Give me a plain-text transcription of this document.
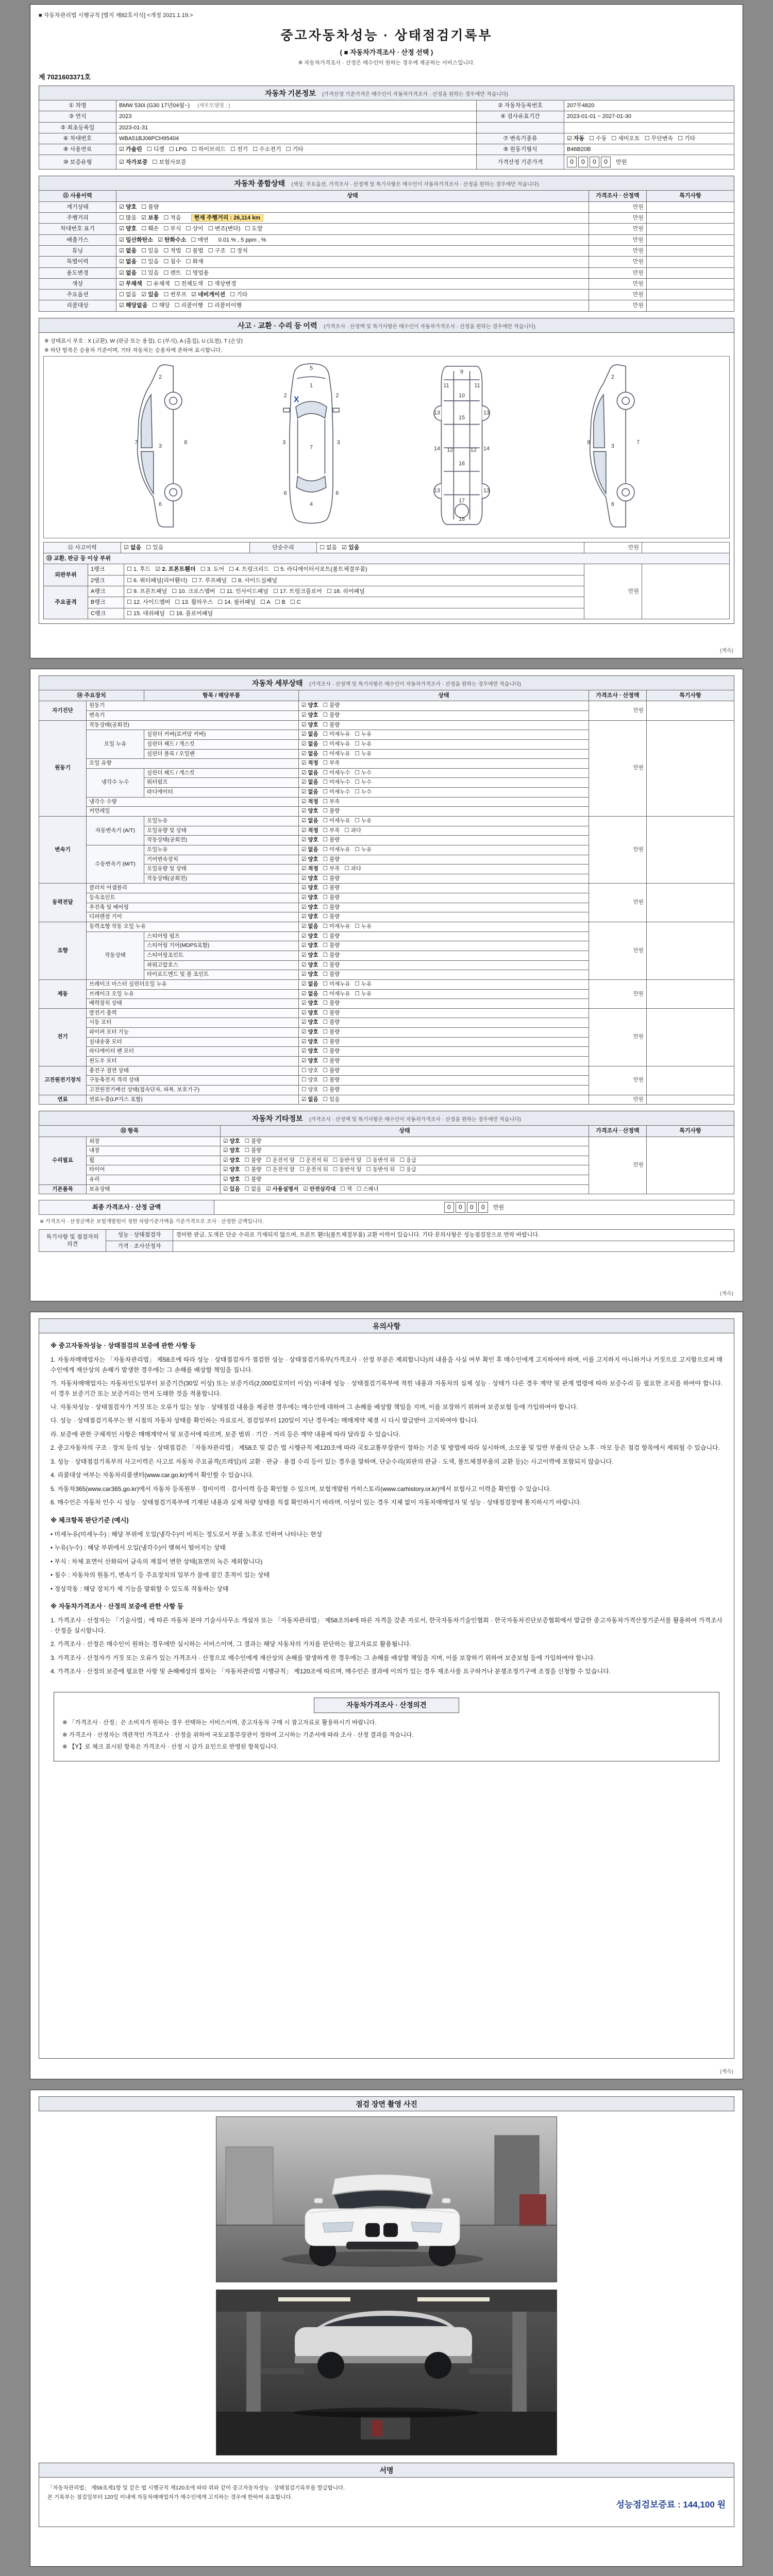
■ 자동차관리법 시행규칙 [별지 제82호서식] <개정 2021.1.19.>
중고자동차성능 · 상태점검기록부
( ■ 자동차가격조사 · 산정 선택 )
※ 자동차가격조사 · 산정은 매수인이 원하는 경우에 제공하는 서비스입니다.
제 7021603371호
자동차 기본정보 (가격산정 기준가격은 매수인이 자동차가격조사 · 산정을 원하는 경우에만 적습니다)
① 차명	BMW 530i (G30 17년04월~) (세부모델명 : )	② 자동차등록번호	207무4820
③ 연식	2023	④ 검사유효기간	2023-01-01 ~ 2027-01-30
⑤ 최초등록일	2023-01-31		
⑥ 차대번호	WBA51BJ06PCH95404	⑦ 변속기종류	☑ 자동 ☐ 수동 ☐ 세미오토 ☐ 무단변속 ☐ 기타
⑧ 사용연료	☑ 가솔린 ☐ 디젤 ☐ LPG ☐ 하이브리드 ☐ 전기 ☐ 수소전기 ☐ 기타	⑨ 원동기형식	B46B20B
⑩ 보증유형	☑ 자가보증 ☐ 보험사보증	가격산정 기준가격	0 0 0 0 만원
자동차 종합상태 (색상, 주요옵션, 가격조사 · 산정액 및 특기사항은 매수인이 자동차가격조사 · 산정을 원하는 경우에만 적습니다)
⑪ 사용이력	상태	가격조사 · 산정액	특기사항
계기상태	☑ 양호 ☐ 불량	만원	
주행거리	☐ 많음 ☑ 보통 ☐ 적음 현재 주행거리 : 26,114 km	만원	
차대번호 표기	☑ 양호 ☐ 훼손 ☐ 부식 ☐ 상이 ☐ 변조(변타) ☐ 도말	만원	
배출가스	☑ 일산화탄소 ☑ 탄화수소 ☐ 매연 0.01 % , 5 ppm , %	만원	
튜닝	☑ 없음 ☐ 있음 ☐ 적법 ☐ 불법 ☐ 구조 ☐ 장치	만원	
특별이력	☑ 없음 ☐ 있음 ☐ 침수 ☐ 화재	만원	
용도변경	☑ 없음 ☐ 있음 ☐ 렌트 ☐ 영업용	만원	
색상	☑ 무채색 ☐ 유채색 ☐ 전체도색 ☐ 색상변경	만원	
주요옵션	☐ 없음 ☑ 있음 ☐ 썬루프 ☑ 네비게이션 ☐ 기타	만원	
리콜대상	☑ 해당없음 ☐ 해당 ☐ 리콜이행 ☐ 리콜미이행	만원	
사고 · 교환 · 수리 등 이력 (가격조사 · 산정액 및 특기사항은 매수인이 자동차가격조사 · 산정을 원하는 경우에만 적습니다)
※ 상태표시 부호 : X (교환), W (판금 또는 용접), C (부식), A (흠집), U (요철), T (손상)
※ 하단 항목은 승용차 기준이며, 기타 자동차는 승용차에 준하여 표시합니다.
2
7
3
8
6
5
1
2	2
3	3
7
6	6
4
X
9
11	11
10
13	13
15
14	14
12	12
16
13	13
17
18
2
8
3
7
6
⑫ 사고이력	☑ 없음 ☐ 있음	단순수리	☐ 없음 ☑ 있음	만원	
⑬ 교환, 판금 등 이상 부위				
외판부위	1랭크	☐ 1. 후드 ☑ 2. 프론트휀더 ☐ 3. 도어 ☐ 4. 트렁크리드 ☐ 5. 라디에이터서포트(볼트체결부품)	만원	
	2랭크	☐ 6. 쿼터패널(리어휀더) ☐ 7. 루프패널 ☐ 8. 사이드실패널		
주요골격	A랭크	☐ 9. 프론트패널 ☐ 10. 크로스멤버 ☐ 11. 인사이드패널 ☐ 17. 트렁크플로어 ☐ 18. 리어패널		
	B랭크	☐ 12. 사이드멤버 ☐ 13. 휠하우스 ☐ 14. 필러패널 ☐ A ☐ B ☐ C		
	C랭크	☐ 15. 대쉬패널 ☐ 16. 플로어패널		
(계속)
자동차 세부상태 (가격조사 · 산정액 및 특기사항은 매수인이 자동차가격조사 · 산정을 원하는 경우에만 적습니다)
⑭ 주요장치		항목 / 해당부품	상태	가격조사 · 산정액	특기사항
자기진단	원동기		☑ 양호 ☐ 불량	만원	
	변속기		☑ 양호 ☐ 불량		
원동기	작동상태(공회전)		☑ 양호 ☐ 불량	만원	
	오일 누유	실린더 커버(로커암 커버)	☑ 없음 ☐ 미세누유 ☐ 누유		
		실린더 헤드 / 개스킷	☑ 없음 ☐ 미세누유 ☐ 누유		
		실린더 블록 / 오일팬	☑ 없음 ☐ 미세누유 ☐ 누유		
	오일 유량		☑ 적정 ☐ 부족		
	냉각수 누수	실린더 헤드 / 개스킷	☑ 없음 ☐ 미세누수 ☐ 누수		
		워터펌프	☑ 없음 ☐ 미세누수 ☐ 누수		
		라디에이터	☑ 없음 ☐ 미세누수 ☐ 누수		
	냉각수 수량		☑ 적정 ☐ 부족		
	커먼레일		☑ 양호 ☐ 불량		
변속기	자동변속기 (A/T)	오일누유	☑ 없음 ☐ 미세누유 ☐ 누유	만원	
		오일유량 및 상태	☑ 적정 ☐ 부족 ☐ 과다		
		작동상태(공회전)	☑ 양호 ☐ 불량		
	수동변속기 (M/T)	오일누유	☑ 없음 ☐ 미세누유 ☐ 누유		
		기어변속장치	☑ 양호 ☐ 불량		
		오일유량 및 상태	☑ 적정 ☐ 부족 ☐ 과다		
		작동상태(공회전)	☑ 양호 ☐ 불량		
동력전달	클러치 어셈블리		☑ 양호 ☐ 불량	만원	
	등속조인트		☑ 양호 ☐ 불량		
	추진축 및 베어링		☑ 양호 ☐ 불량		
	디퍼렌셜 기어		☑ 양호 ☐ 불량		
조향	동력조향 작동 오일 누유		☑ 없음 ☐ 미세누유 ☐ 누유	만원	
	작동상태	스티어링 펌프	☑ 양호 ☐ 불량		
		스티어링 기어(MDPS포함)	☑ 양호 ☐ 불량		
		스티어링조인트	☑ 양호 ☐ 불량		
		파워고압호스	☑ 양호 ☐ 불량		
		타이로드엔드 및 볼 조인트	☑ 양호 ☐ 불량		
제동	브레이크 마스터 실린더오일 누유		☑ 없음 ☐ 미세누유 ☐ 누유	만원	
	브레이크 오일 누유		☑ 없음 ☐ 미세누유 ☐ 누유		
	배력장치 상태		☑ 양호 ☐ 불량		
전기	발전기 출력		☑ 양호 ☐ 불량	만원	
	시동 모터		☑ 양호 ☐ 불량		
	와이퍼 모터 기능		☑ 양호 ☐ 불량		
	실내송풍 모터		☑ 양호 ☐ 불량		
	라디에이터 팬 모터		☑ 양호 ☐ 불량		
	윈도우 모터		☑ 양호 ☐ 불량		
고전원전기장치	충전구 절연 상태		☐ 양호 ☐ 불량	만원	
	구동축전지 격리 상태		☐ 양호 ☐ 불량		
	고전원전기배선 상태(접속단자, 피복, 보호기구)		☐ 양호 ☐ 불량		
연료	연료누출(LP가스 포함)		☑ 없음 ☐ 있음	만원	
자동차 기타정보 (가격조사 · 산정액 및 특기사항은 매수인이 자동차가격조사 · 산정을 원하는 경우에만 적습니다)
⑮ 항목		상태	가격조사 · 산정액	특기사항
수리필요	외장	☑ 양호 ☐ 불량	만원	
	내장	☑ 양호 ☐ 불량		
	휠	☑ 양호 ☐ 불량 ☐ 운전석 앞 ☐ 운전석 뒤 ☐ 동반석 앞 ☐ 동반석 뒤 ☐ 응급		
	타이어	☑ 양호 ☐ 불량 ☐ 운전석 앞 ☐ 운전석 뒤 ☐ 동반석 앞 ☐ 동반석 뒤 ☐ 응급		
	유리	☑ 양호 ☐ 불량		
기본품목	보유상태	☑ 있음 ☐ 없음 ☑ 사용설명서 ☑ 안전삼각대 ☐ 잭 ☐ 스패너		
최종 가격조사 · 산정 금액	0 0 0 0 만원
※ 가격조사 · 산정금액은 보험개발원이 정한 차량기준가액을 기준가격으로 조사 · 산정한 금액입니다.
특기사항 및 점검자의 의견	성능 · 상태점검자	경미한 판금, 도색은 단순 수리로 기재되지 않으며, 프론트 휀더(볼트체결부품) 교환 이력이 있습니다. 기타 문의사항은 성능점검장으로 연락 바랍니다.
	가격 · 조사산정자	
(계속)
유의사항
※ 중고자동차성능 · 상태점검의 보증에 관한 사항 등

1. 자동차매매업자는 「자동차관리법」 제58조에 따라 성능 · 상태점검자가 점검한 성능 · 상태점검기록부(가격조사 · 산정 부분은 제외합니다)의 내용을 사실 여부 확인 후 매수인에게 고지하여야 하며, 이를 고지하지 아니하거나 거짓으로 고지함으로써 매수인에게 재산상의 손해가 발생한 경우에는 그 손해를 배상할 책임을 집니다.

가. 자동차매매업자는 자동차인도일부터 보증기간(30일 이상) 또는 보증거리(2,000킬로미터 이상) 이내에 성능 · 상태점검기록부에 적힌 내용과 자동차의 실제 성능 · 상태가 다른 경우 계약 및 관계 법령에 따라 보증수리 등 필요한 조치를 하여야 합니다. 이 경우 보증기간 또는 보증거리는 먼저 도래한 것을 적용합니다.

나. 자동차성능 · 상태점검자가 거짓 또는 오류가 있는 성능 · 상태점검 내용을 제공한 경우에는 매수인에 대하여 그 손해를 배상할 책임을 지며, 이를 보장하기 위하여 보증보험 등에 가입하여야 합니다.

다. 성능 · 상태점검기록부는 현 시점의 자동차 상태를 확인하는 자료로서, 점검일부터 120일이 지난 경우에는 매매계약 체결 시 다시 발급받아 고지하여야 합니다.

라. 보증에 관한 구체적인 사항은 매매계약서 및 보증서에 따르며, 보증 범위 · 기간 · 거리 등은 계약 내용에 따라 달라질 수 있습니다.

2. 중고자동차의 구조 · 장치 등의 성능 · 상태점검은 「자동차관리법」 제58조 및 같은 법 시행규칙 제120조에 따라 국토교통부장관이 정하는 기준 및 방법에 따라 실시하며, 소모품 및 일반 부품의 단순 노후 · 마모 등은 점검 항목에서 제외될 수 있습니다.

3. 성능 · 상태점검기록부의 사고이력은 사고로 자동차 주요골격(프레임)의 교환 · 판금 · 용접 수리 등이 있는 경우를 말하며, 단순수리(외판의 판금 · 도색, 볼트체결부품의 교환 등)는 사고이력에 포함되지 않습니다.

4. 리콜대상 여부는 자동차리콜센터(www.car.go.kr)에서 확인할 수 있습니다.

5. 자동차365(www.car365.go.kr)에서 자동차 등록원부 · 정비이력 · 검사이력 등을 확인할 수 있으며, 보험개발원 카히스토리(www.carhistory.or.kr)에서 보험사고 이력을 확인할 수 있습니다.

6. 매수인은 자동차 인수 시 성능 · 상태점검기록부에 기재된 내용과 실제 차량 상태를 직접 확인하시기 바라며, 이상이 있는 경우 지체 없이 자동차매매업자 및 성능 · 상태점검장에 통지하시기 바랍니다.

※ 체크항목 판단기준 (예시)

• 미세누유(미세누수) : 해당 부위에 오일(냉각수)이 비치는 정도로서 부품 노후로 인하여 나타나는 현상

• 누유(누수) : 해당 부위에서 오일(냉각수)이 맺혀서 떨어지는 상태

• 부식 : 차체 표면이 산화되어 금속의 재질이 변한 상태(표면의 녹은 제외합니다)

• 침수 : 자동차의 원동기, 변속기 등 주요장치의 일부가 물에 잠긴 흔적이 있는 상태

• 정상작동 : 해당 장치가 제 기능을 발휘할 수 있도록 작동하는 상태

※ 자동차가격조사 · 산정의 보증에 관한 사항 등

1. 가격조사 · 산정자는 「기술사법」에 따른 자동차 분야 기술사사무소 개설자 또는 「자동차관리법」 제58조의4에 따른 자격을 갖춘 자로서, 한국자동차기술인협회 · 한국자동차진단보증협회에서 발급한 중고자동차가격산정기준서를 활용하여 가격조사 · 산정을 실시합니다.

2. 가격조사 · 산정은 매수인이 원하는 경우에만 실시하는 서비스이며, 그 결과는 해당 자동차의 가치를 판단하는 참고자료로 활용됩니다.

3. 가격조사 · 산정자가 거짓 또는 오류가 있는 가격조사 · 산정으로 매수인에게 재산상의 손해를 발생하게 한 경우에는 그 손해를 배상할 책임을 지며, 이를 보장하기 위하여 보증보험 등에 가입하여야 합니다.

4. 가격조사 · 산정의 보증에 필요한 사항 및 손해배상의 절차는 「자동차관리법 시행규칙」 제120조에 따르며, 매수인은 결과에 이의가 있는 경우 재조사를 요구하거나 분쟁조정기구에 조정을 신청할 수 있습니다.

자동차가격조사 · 산정의견

※ 「가격조사 · 산정」은 소비자가 원하는 경우 선택하는 서비스이며, 중고자동차 구매 시 참고자료로 활용하시기 바랍니다.

※ 가격조사 · 산정자는 객관적인 가격조사 · 산정을 위하여 국토교통부장관이 정하여 고시하는 기준서에 따라 조사 · 산정 결과를 적습니다.

※ 【Y】로 체크 표시된 항목은 가격조사 · 산정 시 감가 요인으로 반영된 항목입니다.

(계속)
점검 장면 촬영 사진
서명
「자동차관리법」 제58조제1항 및 같은 법 시행규칙 제120조에 따라 위와 같이 중고자동차성능 · 상태점검기록부를 발급합니다.
본 기록부는 점검일부터 120일 이내에 자동차매매업자가 매수인에게 고지하는 경우에 한하여 유효합니다.
성능점검보증료 : 144,100 원
